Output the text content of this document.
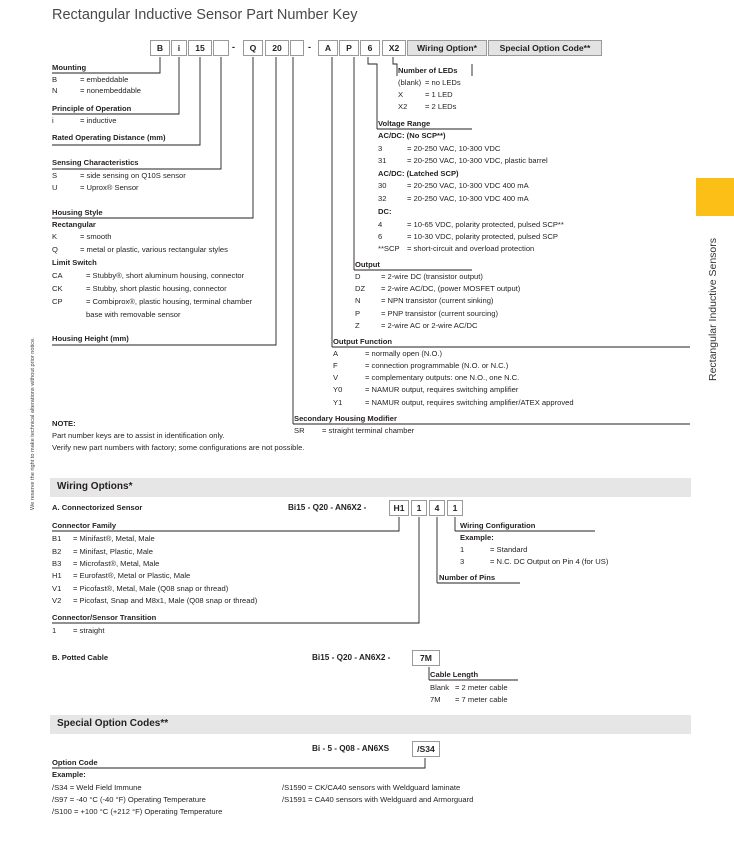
Rectangular Inductive Sensor Part Number Key
Rectangular Inductive Sensors
We reserve the right to make technical alterations without prior notice.
B	i	15	-	Q	20	-	A	P	6	X2	Wiring Option*	Special Option Code**
Mounting
B	= embeddable
N	= nonembeddable
Principle of Operation
i	= inductive
Rated Operating Distance (mm)
Sensing Characteristics
S	= side sensing on Q10S sensor
U	= Uprox® Sensor
Housing Style
Rectangular
K	= smooth
Q	= metal or plastic, various rectangular styles
Limit Switch
CA	= Stubby®, short aluminum housing, connector
CK	= Stubby, short plastic housing, connector
CP	= Combiprox®, plastic housing, terminal chamber
base with removable sensor
Housing Height (mm)
Number of LEDs
(blank) = no LEDs
X	= 1 LED
X2 = 2 LEDs
Voltage Range
AC/DC: (No SCP**)
3	= 20-250 VAC, 10-300 VDC
31	= 20-250 VAC, 10-300 VDC, plastic barrel
AC/DC: (Latched SCP)
30	= 20-250 VAC, 10-300 VDC 400 mA
32	= 20-250 VAC, 10-300 VDC 400 mA
DC:
4	= 10-65 VDC, polarity protected, pulsed SCP**
6	= 10-30 VDC, polarity protected, pulsed SCP
**SCP = short-circuit and overload protection
Output
D	= 2-wire DC (transistor output)
DZ = 2-wire AC/DC, (power MOSFET output)
N	= NPN transistor (current sinking)
P	= PNP transistor (current sourcing)
Z	= 2-wire AC or 2-wire AC/DC
Output Function
A	= normally open (N.O.)
F	= connection programmable (N.O. or N.C.)
V	= complementary outputs: one N.O., one N.C.
Y0	= NAMUR output, requires switching amplifier
Y1	= NAMUR output, requires switching amplifier/ATEX approved
Secondary Housing Modifier
SR = straight terminal chamber
NOTE:
Part number keys are to assist in identification only.
Verify new part numbers with factory; some configurations are not possible.
Wiring Options*
A. Connectorized Sensor	Bi15 - Q20 - AN6X2 -	H1	1	4	1
Connector Family
B1 = Minifast®, Metal, Male
B2 = Minifast, Plastic, Male
B3 = Microfast®, Metal, Male
H1 = Eurofast®, Metal or Plastic, Male
V1 = Picofast®, Metal, Male (Q08 snap or thread)
V2 = Picofast, Snap and M8x1, Male (Q08 snap or thread)
Connector/Sensor Transition
1 = straight
Wiring Configuration
Example:
1	= Standard
3	= N.C. DC Output on Pin 4 (for US)
Number of Pins
B. Potted Cable	Bi15 - Q20 - AN6X2 -	7M
Cable Length
Blank = 2 meter cable
7M = 7 meter cable
Special Option Codes**
Bi - 5 - Q08 - AN6XS	/S34
Option Code
Example:
/S34 = Weld Field Immune
/S97 = -40 °C (-40 °F) Operating Temperature
/S100 = +100 °C (+212 °F) Operating Temperature
/S1590 = CK/CA40 sensors with Weldguard laminate
/S1591 = CA40 sensors with Weldguard and Armorguard
